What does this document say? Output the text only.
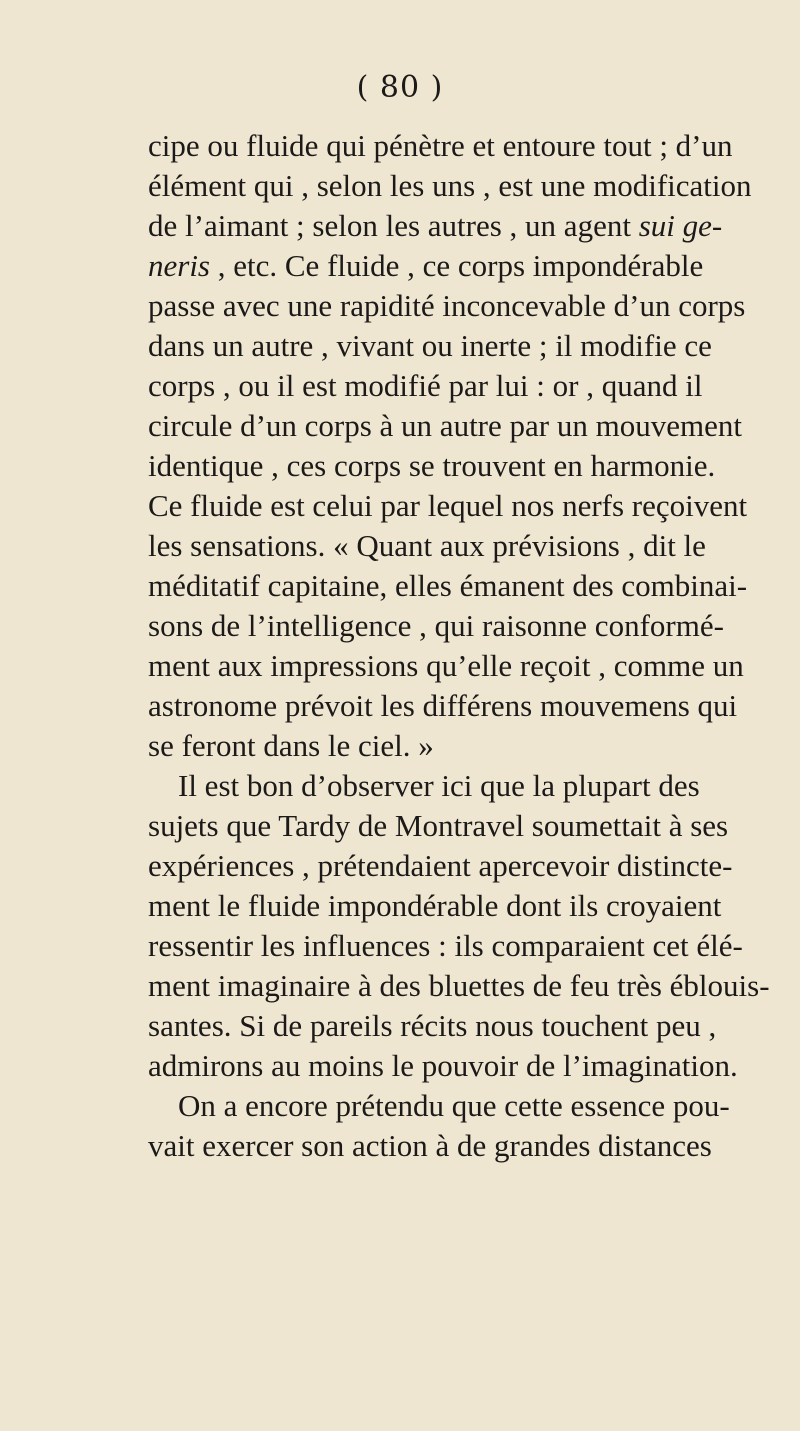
( 80 )
cipe ou fluide qui pénètre et entoure tout ; d’un
élément qui , selon les uns , est une modification
de l’aimant ; selon les autres , un agent sui ge-
neris , etc. Ce fluide , ce corps impondérable
passe avec une rapidité inconcevable d’un corps
dans un autre , vivant ou inerte ; il modifie ce
corps , ou il est modifié par lui : or , quand il
circule d’un corps à un autre par un mouvement
identique , ces corps se trouvent en harmonie.
Ce fluide est celui par lequel nos nerfs reçoivent
les sensations. « Quant aux prévisions , dit le
méditatif capitaine, elles émanent des combinai-
sons de l’intelligence , qui raisonne conformé-
ment aux impressions qu’elle reçoit , comme un
astronome prévoit les différens mouvemens qui
se feront dans le ciel. »
Il est bon d’observer ici que la plupart des
sujets que Tardy de Montravel soumettait à ses
expériences , prétendaient apercevoir distincte-
ment le fluide impondérable dont ils croyaient
ressentir les influences : ils comparaient cet élé-
ment imaginaire à des bluettes de feu très éblouis-
santes. Si de pareils récits nous touchent peu ,
admirons au moins le pouvoir de l’imagination.
On a encore prétendu que cette essence pou-
vait exercer son action à de grandes distances
